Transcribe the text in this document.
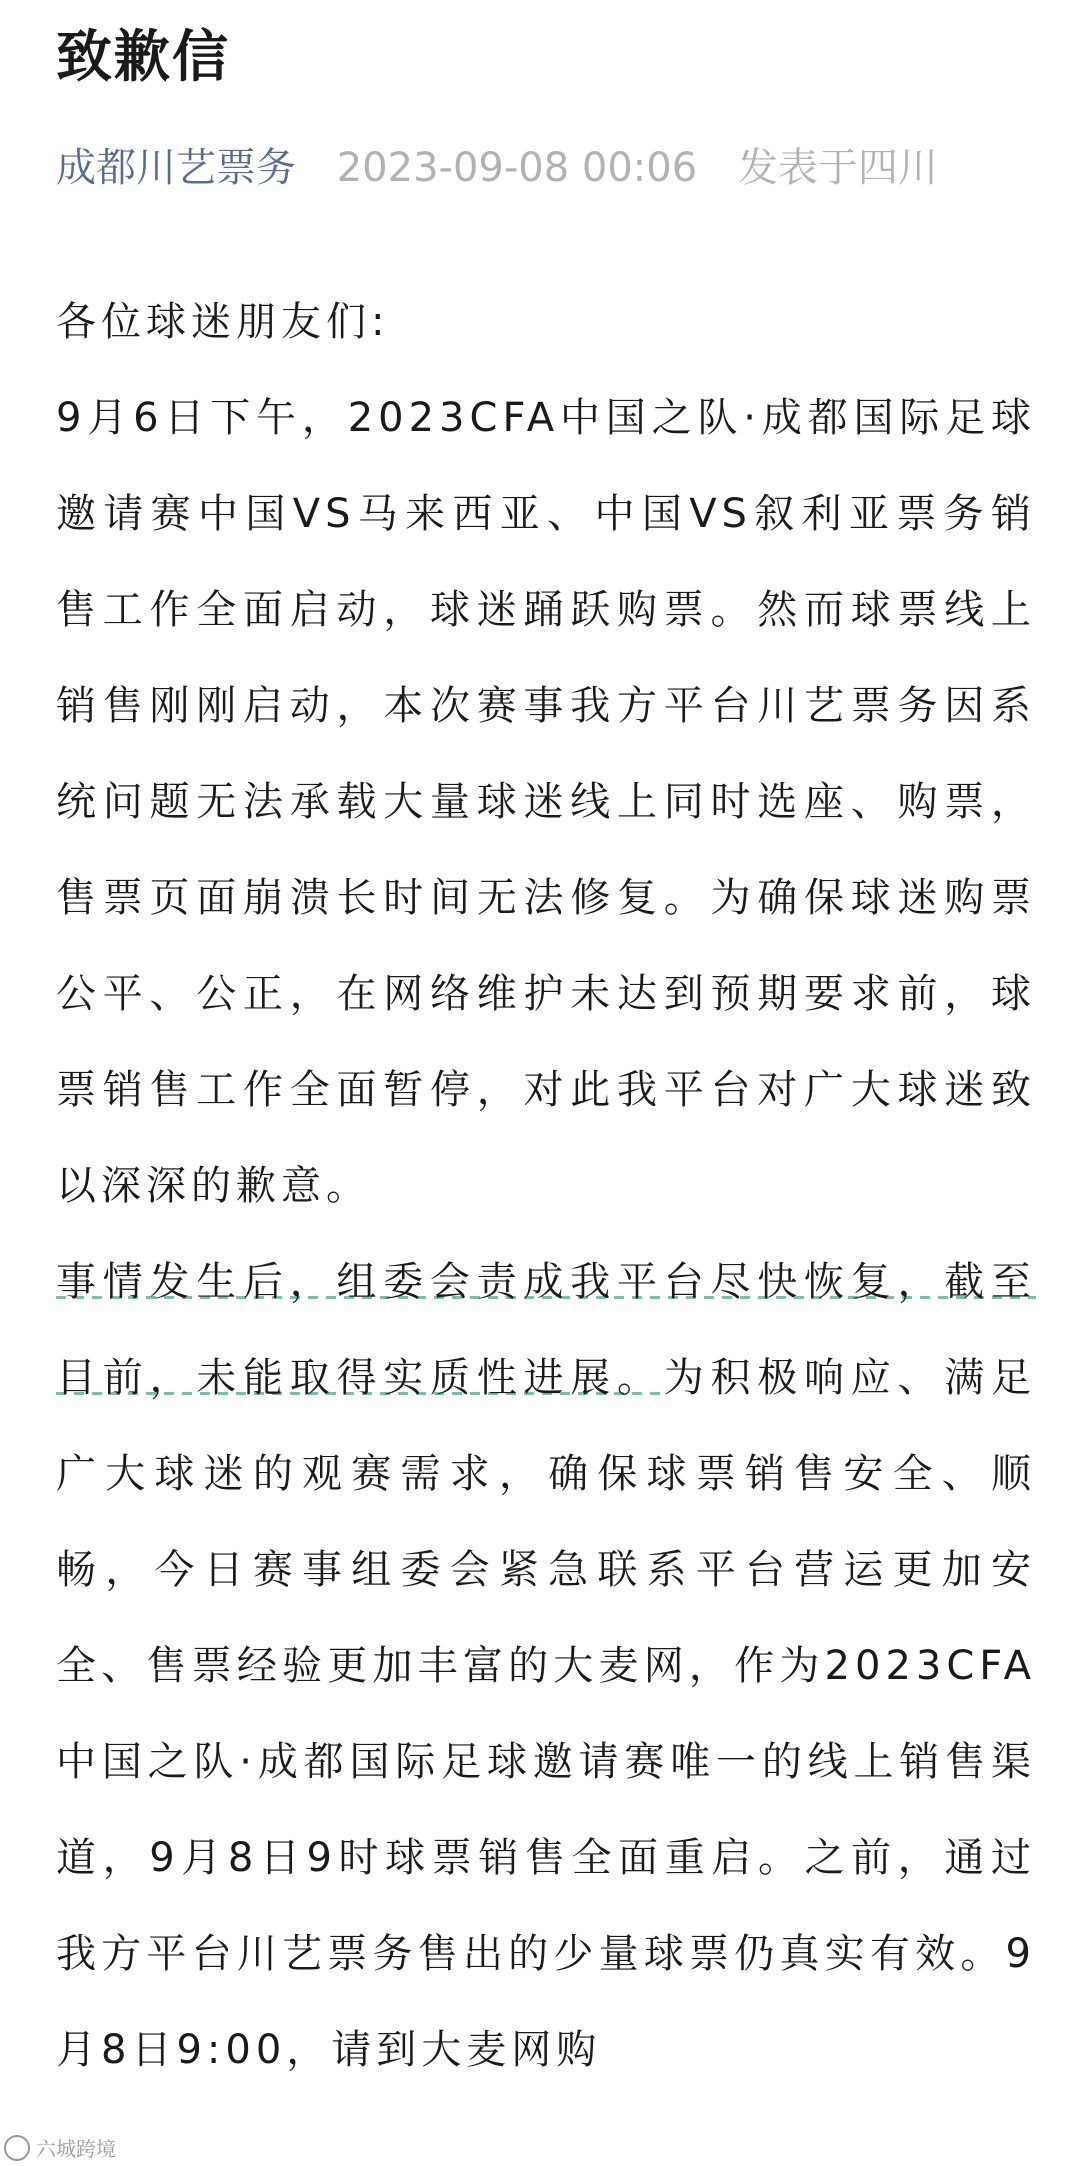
致歉信
成都川艺票务 2023-09-08 00:06 发表于四川

各位球迷朋友们:

9月6日下午，2023CFA中国之队·成都国际足球邀请赛中国VS马来西亚、中国VS叙利亚票务销售工作全面启动，球迷踊跃购票。然而球票线上销售刚刚启动，本次赛事我方平台川艺票务因系统问题无法承载大量球迷线上同时选座、购票，售票页面崩溃长时间无法修复。为确保球迷购票公平、公正，在网络维护未达到预期要求前，球票销售工作全面暂停，对此我平台对广大球迷致以深深的歉意。

事情发生后，组委会责成我平台尽快恢复，截至目前，未能取得实质性进展。为积极响应、满足广大球迷的观赛需求，确保球票销售安全、顺畅，今日赛事组委会紧急联系平台营运更加安全、售票经验更加丰富的大麦网，作为2023CFA中国之队·成都国际足球邀请赛唯一的线上销售渠道，9月8日9时球票销售全面重启。之前，通过我方平台川艺票务售出的少量球票仍真实有效。9月8日9:00，请到大麦网购

六城跨境
